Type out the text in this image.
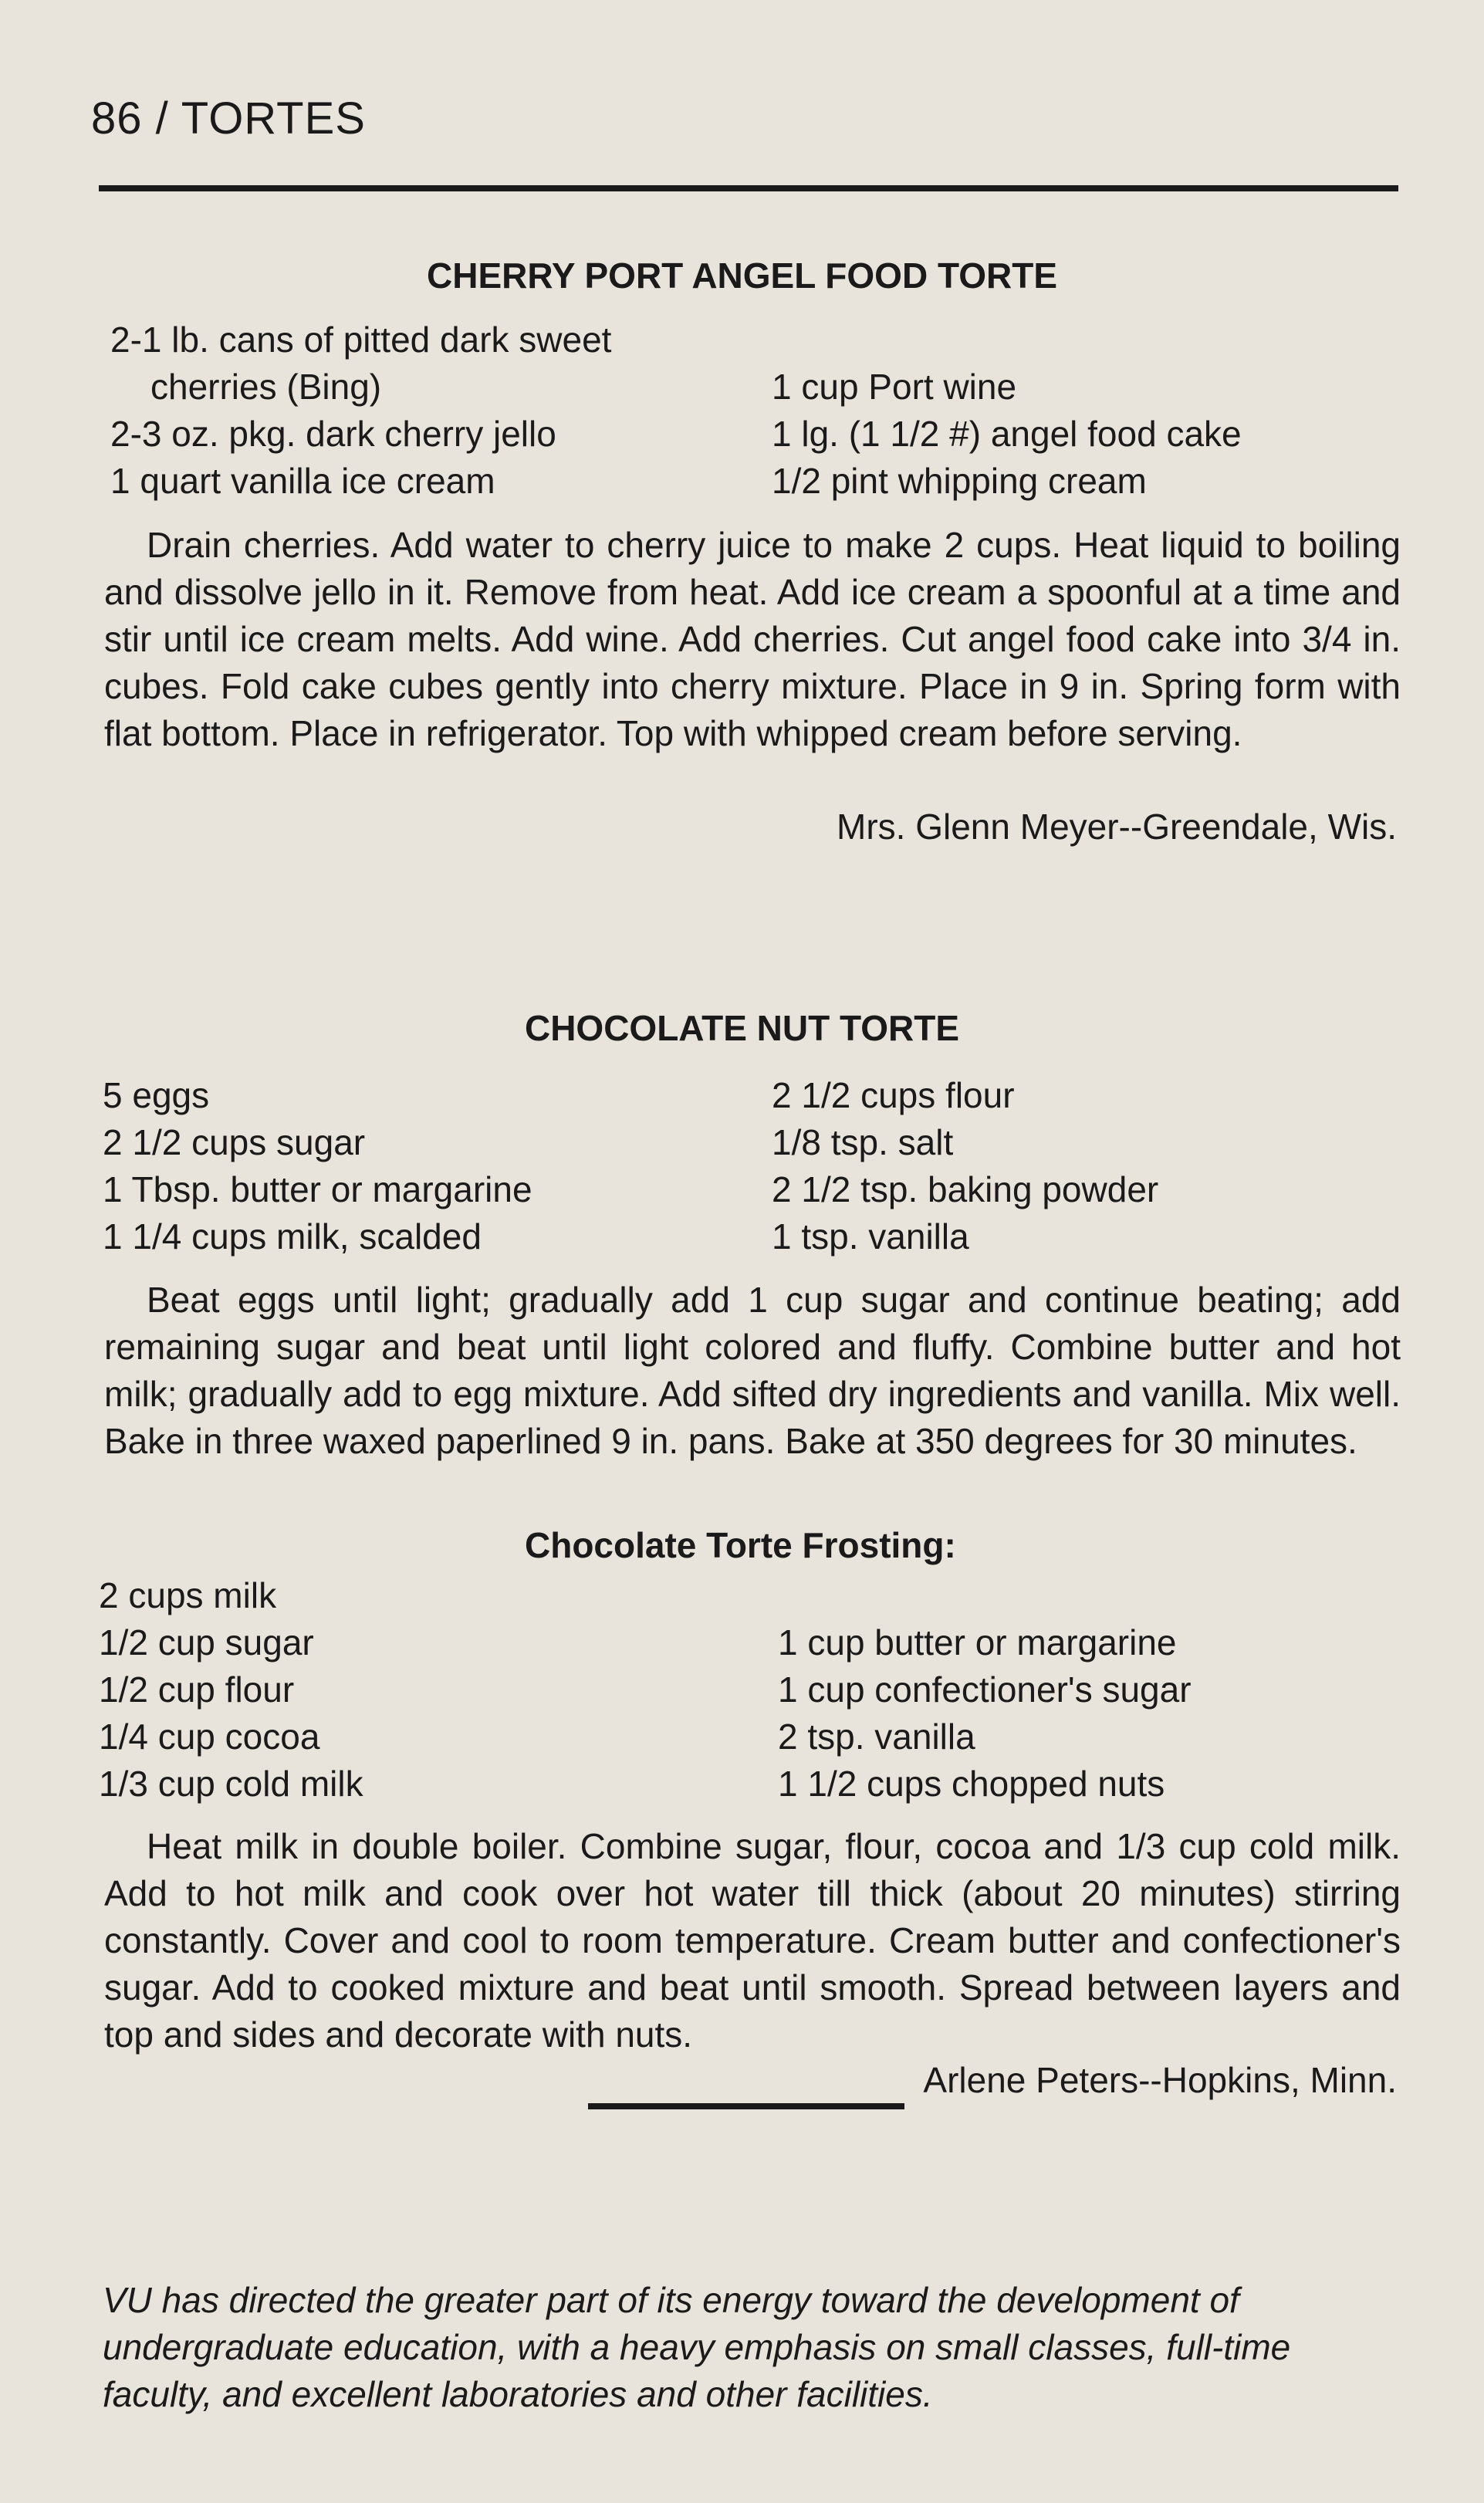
86 / TORTES
CHERRY PORT ANGEL FOOD TORTE
2-1 lb. cans of pitted dark sweet
cherries (Bing)
2-3 oz. pkg. dark cherry jello
1 quart vanilla ice cream
1 cup Port wine
1 lg. (1 1/2 #) angel food cake
1/2 pint whipping cream
Drain cherries. Add water to cherry juice to make 2 cups. Heat liquid to boiling and dissolve jello in it. Remove from heat. Add ice cream a spoonful at a time and stir until ice cream melts. Add wine. Add cherries. Cut angel food cake into 3/4 in. cubes. Fold cake cubes gently into cherry mixture. Place in 9 in. Spring form with flat bottom. Place in refrigerator. Top with whipped cream before serving.
Mrs. Glenn Meyer--Greendale, Wis.
CHOCOLATE NUT TORTE
5 eggs
2 1/2 cups sugar
1 Tbsp. butter or margarine
1 1/4 cups milk, scalded
2 1/2 cups flour
1/8 tsp. salt
2 1/2 tsp. baking powder
1 tsp. vanilla
Beat eggs until light; gradually add 1 cup sugar and continue beating; add remaining sugar and beat until light colored and fluffy. Combine butter and hot milk; gradually add to egg mixture. Add sifted dry ingredients and vanilla. Mix well. Bake in three waxed paperlined 9 in. pans. Bake at 350 degrees for 30 minutes.
Chocolate Torte Frosting:
2 cups milk
1/2 cup sugar
1/2 cup flour
1/4 cup cocoa
1/3 cup cold milk
1 cup butter or margarine
1 cup confectioner's sugar
2 tsp. vanilla
1 1/2 cups chopped nuts
Heat milk in double boiler. Combine sugar, flour, cocoa and 1/3 cup cold milk. Add to hot milk and cook over hot water till thick (about 20 minutes) stirring constantly. Cover and cool to room temperature. Cream butter and confectioner's sugar. Add to cooked mixture and beat until smooth. Spread between layers and top and sides and decorate with nuts.
Arlene Peters--Hopkins, Minn.
VU has directed the greater part of its energy toward the development of undergraduate education, with a heavy emphasis on small classes, full-time faculty, and excellent laboratories and other facilities.
